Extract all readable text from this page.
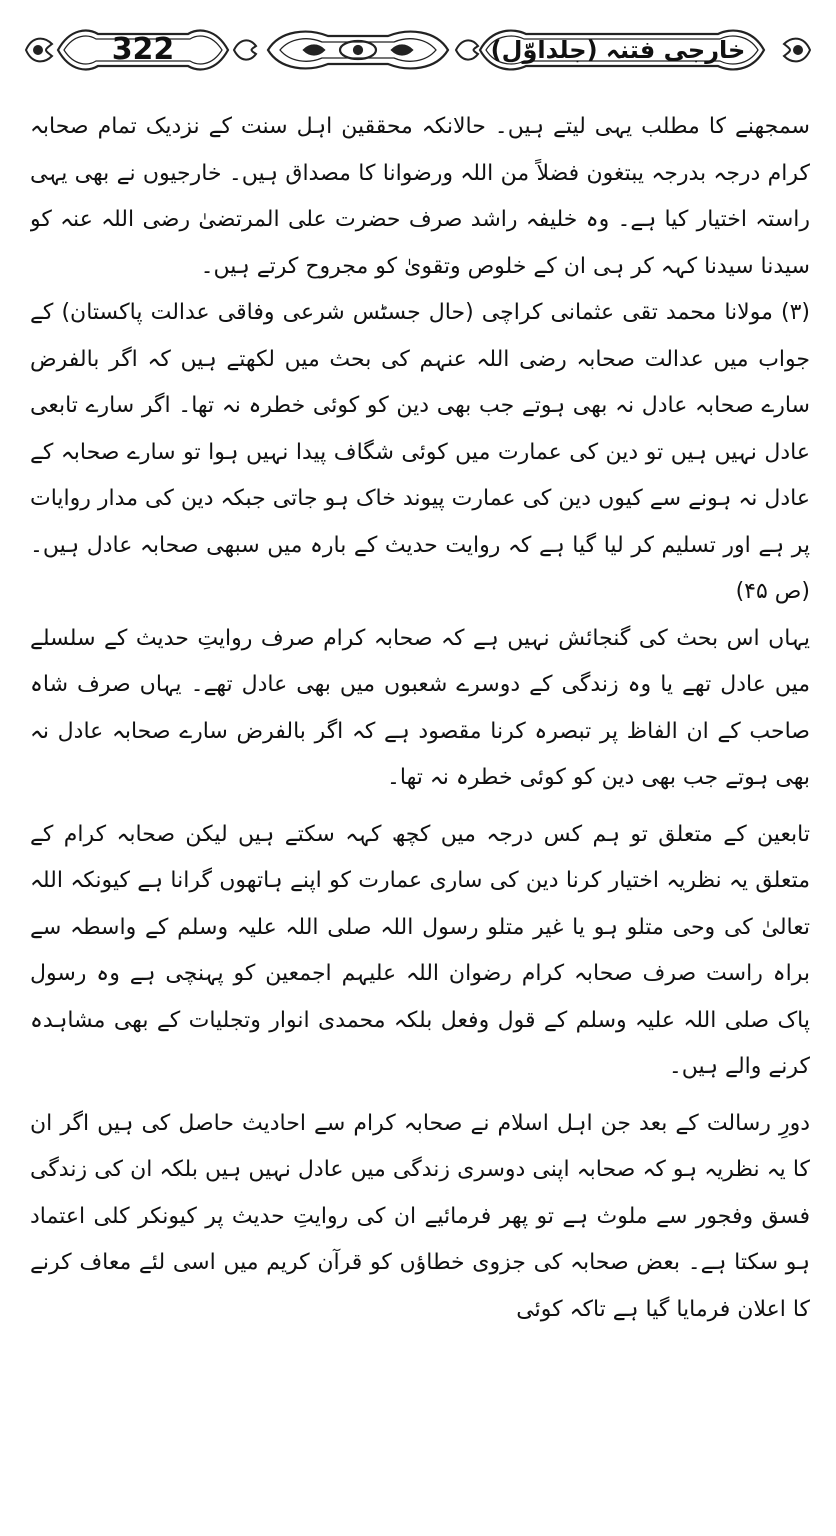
322	خارجی فتنہ (جلداوّل)

سمجھنے کا مطلب یہی لیتے ہیں۔ حالانکہ محققین اہل سنت کے نزدیک تمام صحابہ کرام درجہ بدرجہ یبتغون فضلاً من اللہ ورضوانا کا مصداق ہیں۔ خارجیوں نے بھی یہی راستہ اختیار کیا ہے۔ وہ خلیفہ راشد صرف حضرت علی المرتضیٰ رضی اللہ عنہ کو سیدنا سیدنا کہہ کر ہی ان کے خلوص وتقویٰ کو مجروح کرتے ہیں۔

(۳) مولانا محمد تقی عثمانی کراچی (حال جسٹس شرعی وفاقی عدالت پاکستان) کے جواب میں عدالت صحابہ رضی اللہ عنہم کی بحث میں لکھتے ہیں کہ اگر بالفرض سارے صحابہ عادل نہ بھی ہوتے جب بھی دین کو کوئی خطرہ نہ تھا۔ اگر سارے تابعی عادل نہیں ہیں تو دین کی عمارت میں کوئی شگاف پیدا نہیں ہوا تو سارے صحابہ کے عادل نہ ہونے سے کیوں دین کی عمارت پیوند خاک ہو جاتی جبکہ دین کی مدار روایات پر ہے اور تسلیم کر لیا گیا ہے کہ روایت حدیث کے بارہ میں سبھی صحابہ عادل ہیں۔ (ص ۴۵)

یہاں اس بحث کی گنجائش نہیں ہے کہ صحابہ کرام صرف روایتِ حدیث کے سلسلے میں عادل تھے یا وہ زندگی کے دوسرے شعبوں میں بھی عادل تھے۔ یہاں صرف شاہ صاحب کے ان الفاظ پر تبصرہ کرنا مقصود ہے کہ اگر بالفرض سارے صحابہ عادل نہ بھی ہوتے جب بھی دین کو کوئی خطرہ نہ تھا۔

تابعین کے متعلق تو ہم کس درجہ میں کچھ کہہ سکتے ہیں لیکن صحابہ کرام کے متعلق یہ نظریہ اختیار کرنا دین کی ساری عمارت کو اپنے ہاتھوں گرانا ہے کیونکہ اللہ تعالیٰ کی وحی متلو ہو یا غیر متلو رسول اللہ صلی اللہ علیہ وسلم کے واسطہ سے براہ راست صرف صحابہ کرام رضوان اللہ علیہم اجمعین کو پہنچی ہے وہ رسول پاک صلی اللہ علیہ وسلم کے قول وفعل بلکہ محمدی انوار وتجلیات کے بھی مشاہدہ کرنے والے ہیں۔

دورِ رسالت کے بعد جن اہل اسلام نے صحابہ کرام سے احادیث حاصل کی ہیں اگر ان کا یہ نظریہ ہو کہ صحابہ اپنی دوسری زندگی میں عادل نہیں ہیں بلکہ ان کی زندگی فسق وفجور سے ملوث ہے تو پھر فرمائیے ان کی روایتِ حدیث پر کیونکر کلی اعتماد ہو سکتا ہے۔ بعض صحابہ کی جزوی خطاؤں کو قرآن کریم میں اسی لئے معاف کرنے کا اعلان فرمایا گیا ہے تاکہ کوئی
